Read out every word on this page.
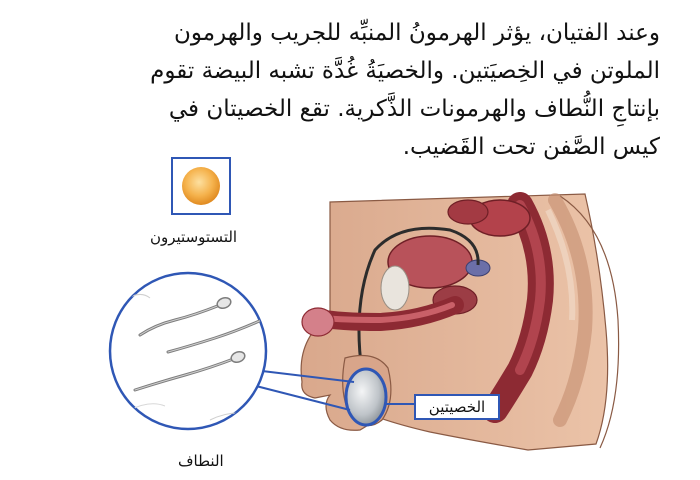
وعند الفتيان، يؤثر الهرمونُ المنبِّه للجريب والهرمون
الملوتن في الخِصيَتين. والخصيَةُ غُدَّة تشبه البيضة تقوم
بإنتاجِ النُّطاف والهرمونات الذَّكرية. تقع الخصيتان في
كيس الصَّفن تحت القَضيب.
التستوستيرون
النطاف
الخصيتين
